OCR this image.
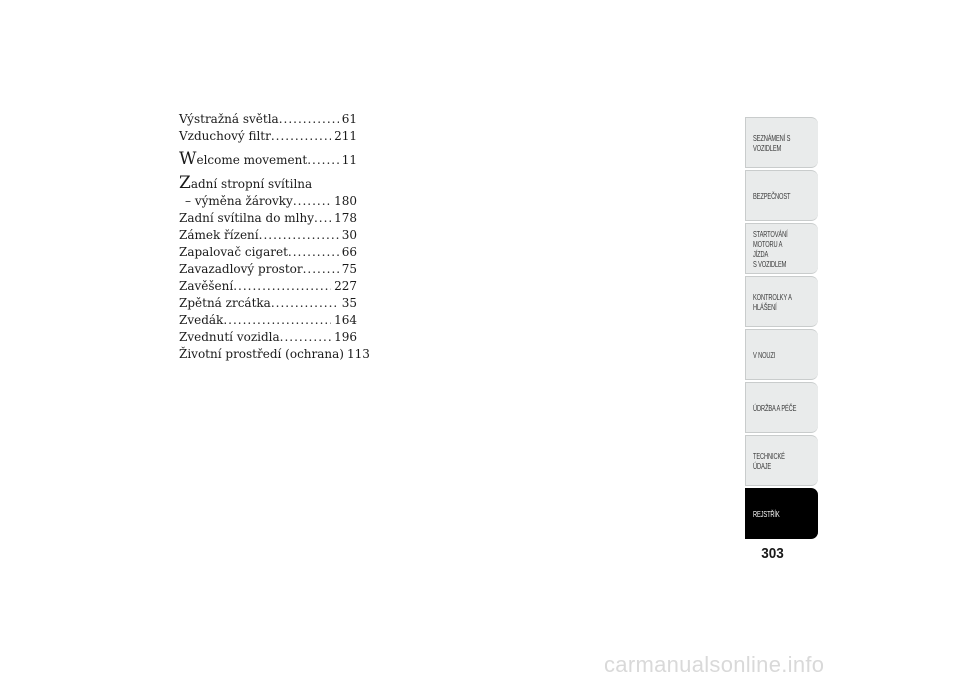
Výstražná světla .....	61
Vzduchový filtr .....	211
Welcome movement .....	11
Zadní stropní svítilna
– výměna žárovky .....	180
Zadní svítilna do mlhy ..... 178
Zámek řízení .....	30
Zapalovač cigaret .....	66
Zavazadlový prostor .....	75
Zavěšení .....	227
Zpětná zrcátka .....	35
Zvedák .....	164
Zvednutí vozidla .....	196
Životní prostředí (ochrana) 113
SEZNÁMENÍ S
VOZIDLEM
BEZPEČNOST
STARTOVÁNÍ
MOTORU A JÍZDA
S VOZIDLEM
KONTROLKY A
HLÁŠENÍ
V NOUZI
ÚDRŽBA A PÉČE
TECHNICKÉ
ÚDAJE
REJSTŘÍK
303
carmanualsonline.info
